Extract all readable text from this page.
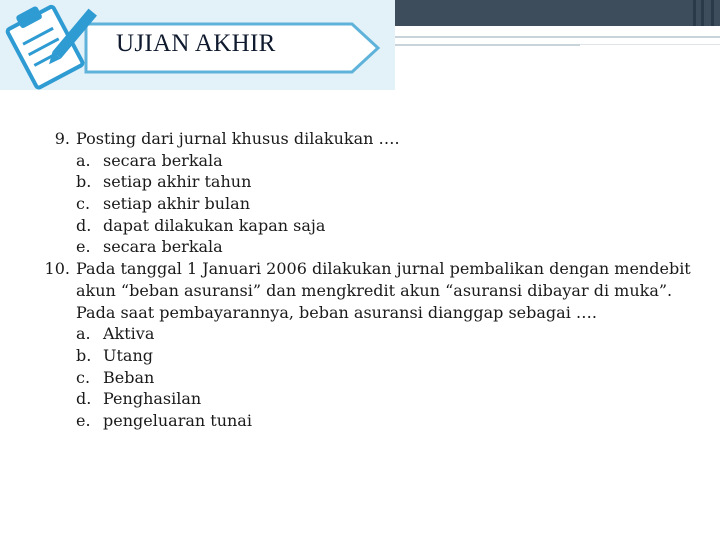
UJIAN AKHIR
9. Posting dari jurnal khusus dilakukan ….
a. secara berkala
b. setiap akhir tahun
c. setiap akhir bulan
d. dapat dilakukan kapan saja
e. secara berkala
10. Pada tanggal 1 Januari 2006 dilakukan jurnal pembalikan dengan mendebit
akun “beban asuransi” dan mengkredit akun “asuransi dibayar di muka”.
Pada saat pembayarannya, beban asuransi dianggap sebagai ….
a. Aktiva
b. Utang
c. Beban
d. Penghasilan
e. pengeluaran tunai
